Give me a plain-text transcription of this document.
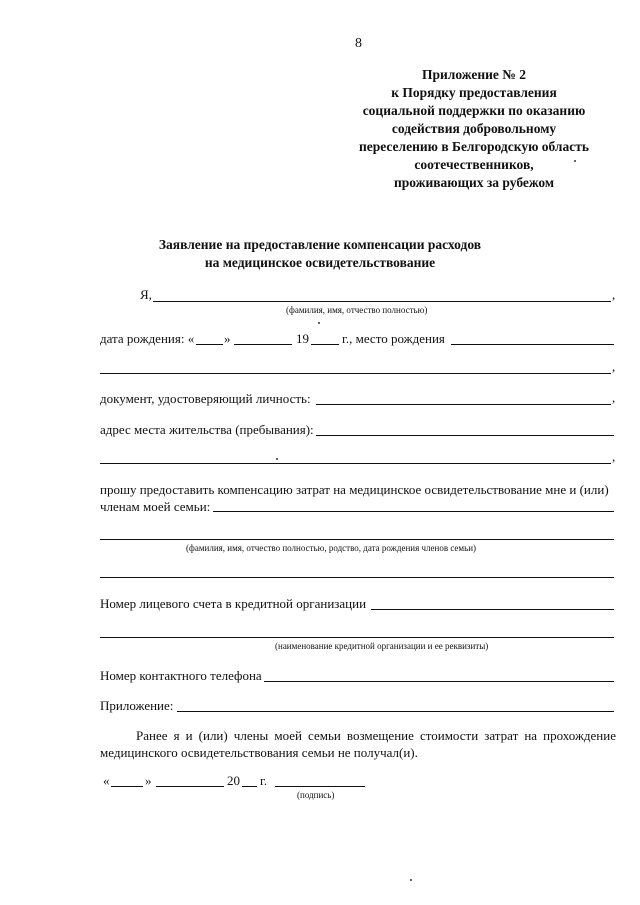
8
Приложение № 2
к Порядку предоставления
социальной поддержки по оказанию
содействия добровольному
переселению в Белгородскую область
соотечественников,
проживающих за рубежом
Заявление на предоставление компенсации расходов
на медицинское освидетельствование
Я,	,
(фамилия, имя, отчество полностью)
дата рождения: « »	19	г., место рождения
,
документ, удостоверяющий личность:	,
адрес места жительства (пребывания):
,
прошу предоставить компенсацию затрат на медицинское освидетельствование мне и (или)
членам моей семьи:
(фамилия, имя, отчество полностью, родство, дата рождения членов семьи)
Номер лицевого счета в кредитной организации
(наименование кредитной организации и ее реквизиты)
Номер контактного телефона
Приложение:
Ранее я и (или) члены моей семьи возмещение стоимости затрат на прохождение медицинского освидетельствования семьи не получал(и).
«	»	20 г.
(подпись)
